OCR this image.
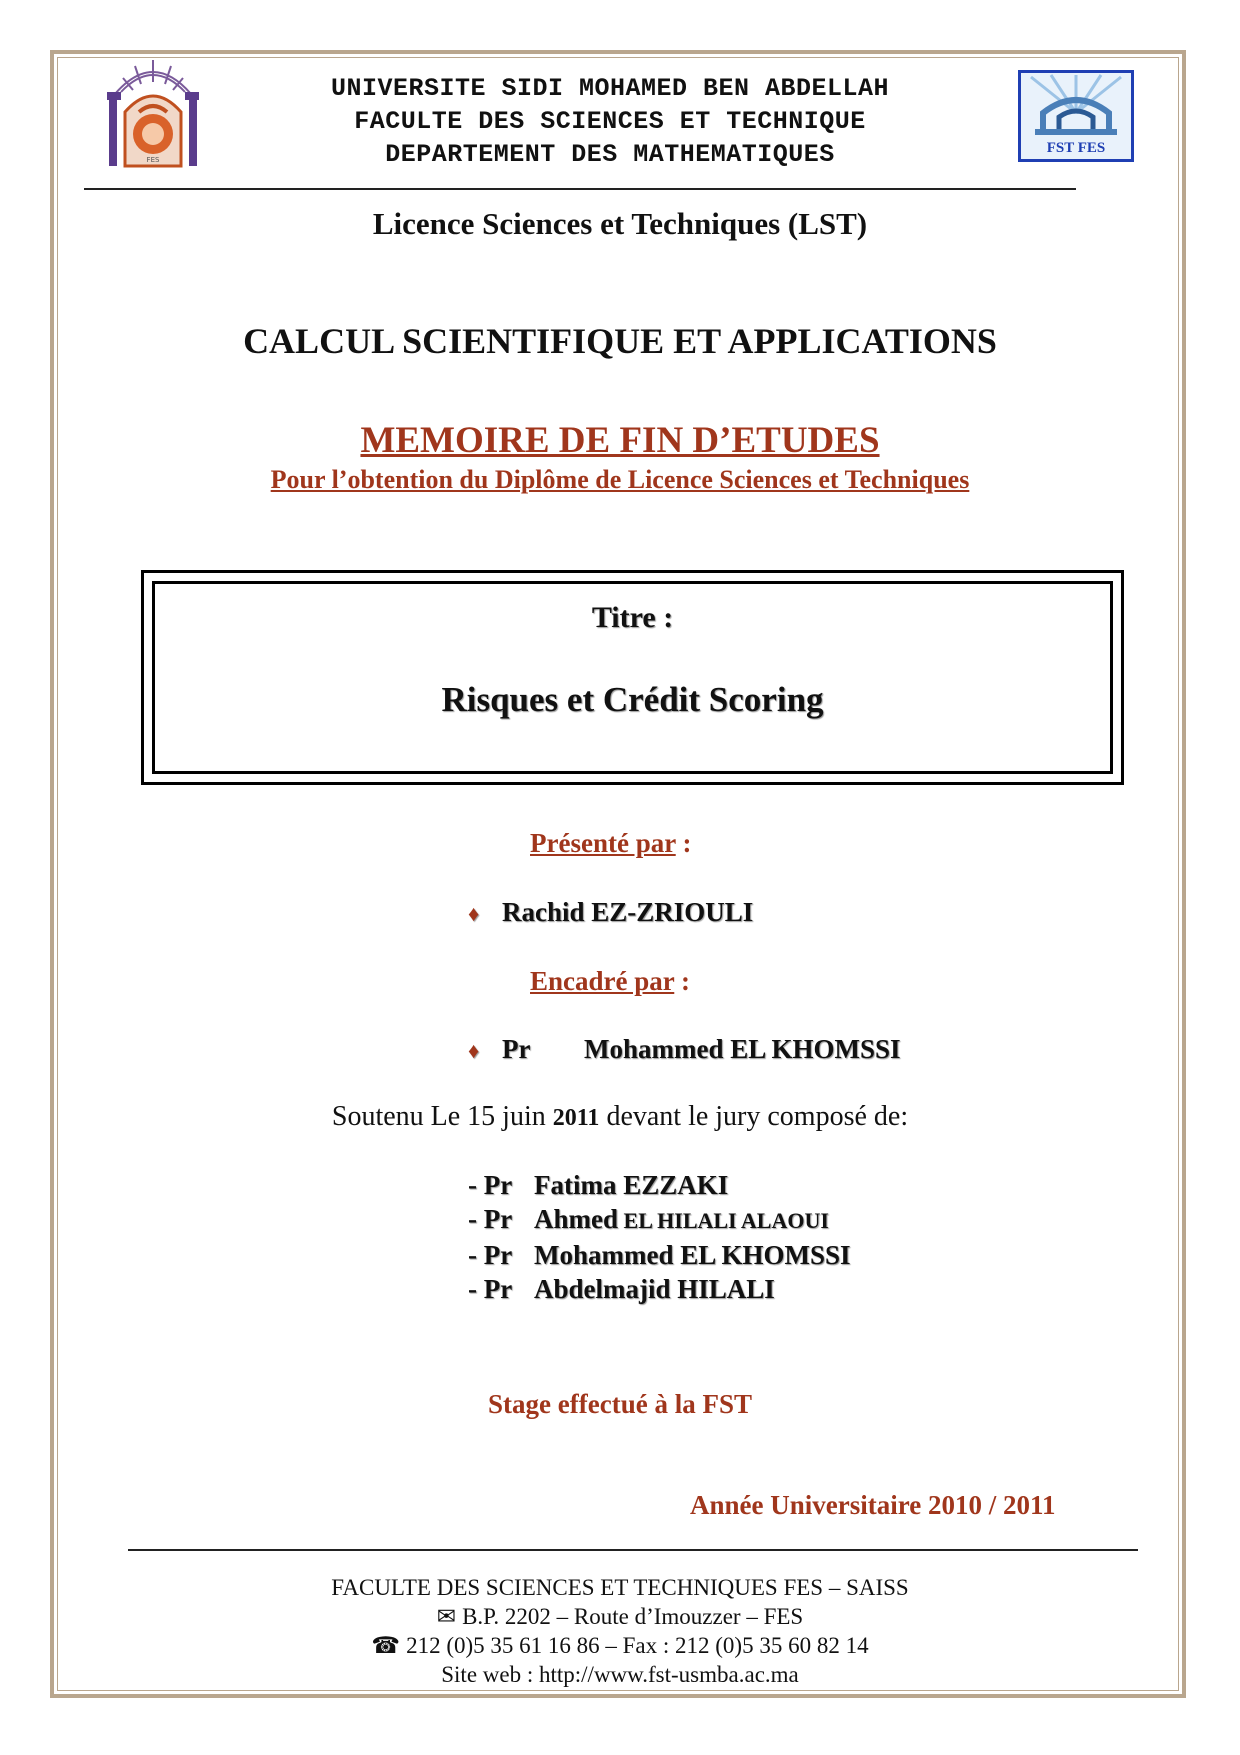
FES
UNIVERSITE SIDI MOHAMED BEN ABDELLAH
FACULTE DES SCIENCES ET TECHNIQUE
DEPARTEMENT DES MATHEMATIQUES	FST FES
Licence Sciences et Techniques (LST)
CALCUL SCIENTIFIQUE ET APPLICATIONS
MEMOIRE DE FIN D’ETUDES
Pour l’obtention du Diplôme de Licence Sciences et Techniques
Titre :
Risques et Crédit Scoring
Présenté par :
♦ Rachid EZ-ZRIOULI
Encadré par :
♦ Pr Mohammed EL KHOMSSI
Soutenu Le 15 juin 2011 devant le jury composé de:
- Pr Fatima EZZAKI
- Pr Ahmed EL HILALI ALAOUI
- Pr Mohammed EL KHOMSSI
- Pr Abdelmajid HILALI
Stage effectué à la FST
Année Universitaire 2010 / 2011
FACULTE DES SCIENCES ET TECHNIQUES FES – SAISS
✉ B.P. 2202 – Route d’Imouzzer – FES
☎ 212 (0)5 35 61 16 86 – Fax : 212 (0)5 35 60 82 14
Site web : http://www.fst-usmba.ac.ma
